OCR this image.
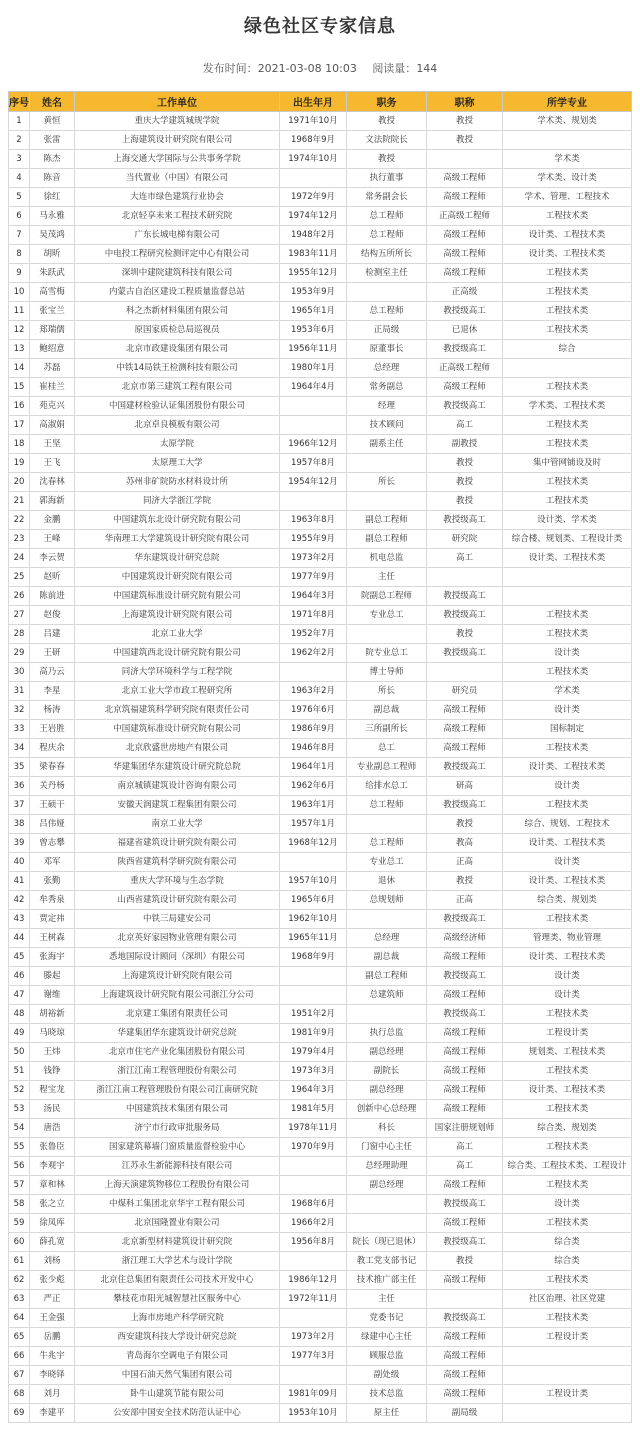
绿色社区专家信息
发布时间：2021-03-08 10:03 阅读量：144
序号	姓名	工作单位	出生年月	职务	职称	所学专业
1	黄恒	重庆大学建筑城规学院	1971年10月	教授	教授	学术类、规划类
2	张雷	上海建筑设计研究院有限公司	1968年9月	文法院院长	教授	
3	陈杰	上海交通大学国际与公共事务学院	1974年10月	教授		学术类
4	陈音	当代置业（中国）有限公司		执行董事	高级工程师	学术类、设计类
5	徐红	大连市绿色建筑行业协会	1972年9月	常务副会长	高级工程师	学术、管理、工程技术
6	马永雅	北京轻享未来工程技术研究院	1974年12月	总工程师	正高级工程师	工程技术类
7	吴茂鸿	广东长城电梯有限公司	1948年2月	总工程师	高级工程师	设计类、工程技术类
8	胡昕	中电投工程研究检测评定中心有限公司	1983年11月	结构五所所长	高级工程师	设计类、工程技术类
9	朱跃武	深圳中建院建筑科技有限公司	1955年12月	检测室主任	高级工程师	工程技术类
10	高雪梅	内蒙古自治区建设工程质量监督总站	1953年9月		正高级	工程技术类
11	张宝兰	科之杰新材料集团有限公司	1965年1月	总工程师	教授级高工	工程技术类
12	郑瑞儒	原国家质检总局巡视员	1953年6月	正局级	已退休	工程技术类
13	鲍绍意	北京市政建设集团有限公司	1956年11月	原董事长	教授级高工	综合
14	苏磊	中铁14局铁王检测科技有限公司	1980年1月	总经理	正高级工程师	
15	崔桂兰	北京市第三建筑工程有限公司	1964年4月	常务副总	高级工程师	工程技术类
16	苑克兴	中国建材检验认证集团股份有限公司		经理	教授级高工	学术类、工程技术类
17	高淑娟	北京卓良模板有限公司		技术顾问	高工	工程技术类
18	王坚	太原学院	1966年12月	副系主任	副教授	工程技术类
19	王飞	太原理工大学	1957年8月		教授	集中管网铺设及时
20	沈春林	苏州非矿院防水材料设计所	1954年12月	所长	教授	工程技术类
21	郭海新	同济大学浙江学院			教授	工程技术类
22	金鹏	中国建筑东北设计研究院有限公司	1963年8月	副总工程师	教授级高工	设计类、学术类
23	王峰	华南理工大学建筑设计研究院有限公司	1955年9月	副总工程师	研究院	综合楼、规划类、工程设计类
24	李云贺	华东建筑设计研究总院	1973年2月	机电总监	高工	设计类、工程技术类
25	赵昕	中国建筑设计研究院有限公司	1977年9月	主任		
26	陈前进	中国建筑标准设计研究院有限公司	1964年3月	院副总工程师	教授级高工	
27	赵俊	上海建筑设计研究院有限公司	1971年8月	专业总工	教授级高工	工程技术类
28	吕建	北京工业大学	1952年7月		教授	工程技术类
29	王研	中国建筑西北设计研究院有限公司	1962年2月	院专业总工	教授级高工	设计类
30	高乃云	同济大学环境科学与工程学院		博士导师		工程技术类
31	李星	北京工业大学市政工程研究所	1963年2月	所长	研究员	学术类
32	杨涛	北京筑福建筑科学研究院有限责任公司	1976年6月	副总裁	高级工程师	设计类
33	王岩胜	中国建筑标准设计研究院有限公司	1986年9月	三所副所长	高级工程师	国标制定
34	程庆余	北京欣盛世房地产有限公司	1946年8月	总工	高级工程师	工程技术类
35	梁春春	华建集团华东建筑设计研究院总院	1964年1月	专业副总工程师	教授级高工	设计类、工程技术类
36	关丹杨	南京城镇建筑设计咨询有限公司	1962年6月	给排水总工	研高	设计类
37	王硕干	安徽天润建筑工程集团有限公司	1963年1月	总工程师	教授级高工	工程技术类
38	吕伟娅	南京工业大学	1957年1月		教授	综合、规划、工程技术
39	曾志攀	福建省建筑设计研究院有限公司	1968年12月	总工程师	教高	设计类、工程技术类
40	邓军	陕西省建筑科学研究院有限公司		专业总工	正高	设计类
41	张勤	重庆大学环境与生态学院	1957年10月	退休	教授	设计类、工程技术类
42	牟秀泉	山西省建筑设计研究院有限公司	1965年6月	总规划师	正高	综合类、规划类
43	贾定祎	中铁三局建安公司	1962年10月		教授级高工	工程技术类
44	王树森	北京英好家园物业管理有限公司	1965年11月	总经理	高级经济师	管理类、物业管理
45	张海宇	悉地国际设计顾问（深圳）有限公司	1968年9月	副总裁	高级工程师	设计类、工程技术类
46	滕起	上海建筑设计研究院有限公司		副总工程师	教授级高工	设计类
47	谢维	上海建筑设计研究院有限公司浙江分公司		总建筑师	高级工程师	设计类
48	胡裕新	北京建工集团有限责任公司	1951年2月		教授级高工	工程技术类
49	马晓琼	华建集团华东建筑设计研究总院	1981年9月	执行总监	高级工程师	工程设计类
50	王炜	北京市住宅产业化集团股份有限公司	1979年4月	副总经理	高级工程师	规划类、工程技术类
51	钱铮	浙江江南工程管理股份有限公司	1973年3月	副院长	高级工程师	工程技术类
52	程宝龙	浙江江南工程管理股份有限公司江南研究院	1964年3月	副总经理	高级工程师	设计类、工程技术类
53	汤民	中国建筑技术集团有限公司	1981年5月	创新中心总经理	高级工程师	工程技术类
54	唐浩	济宁市行政审批服务局	1978年11月	科长	国家注册规划师	综合类、规划类
55	张鲁臣	国家建筑幕墙门窗质量监督检验中心	1970年9月	门窗中心主任	高工	工程技术类
56	李观宇	江苏永生新能源科技有限公司		总经理助理	高工	综合类、工程技术类、工程设计
57	章和林	上海天演建筑物移位工程股份有限公司		副总经理	高级工程师	工程技术类
58	张之立	中煤科工集团北京华宇工程有限公司	1968年6月		教授级高工	设计类
59	徐凤库	北京国隆置业有限公司	1966年2月		高级工程师	工程技术类
60	薛孔宽	北京新型材料建筑设计研究院	1956年8月	院长（现已退休）	教授级高工	综合类
61	刘杨	浙江理工大学艺术与设计学院		教工党支部书记	教授	综合类
62	张少彪	北京住总集团有限责任公司技术开发中心	1986年12月	技术推广部主任	高级工程师	工程技术类
63	严正	攀枝花市阳光城智慧社区服务中心	1972年11月	主任		社区治理、社区党建
64	王金强	上海市房地产科学研究院		党委书记	教授级高工	工程技术类
65	岳鹏	西安建筑科技大学设计研究总院	1973年2月	绿建中心主任	高级工程师	工程设计类
66	牛兆宇	青岛海尔空调电子有限公司	1977年3月	顾服总监	高级工程师	
67	李晓铎	中国石油天然气集团有限公司		副处级	高级工程师	
68	刘月	卧牛山建筑节能有限公司	1981年09月	技术总监	高级工程师	工程设计类
69	李建平	公安部中国安全技术防范认证中心	1953年10月	原主任	副局级	
